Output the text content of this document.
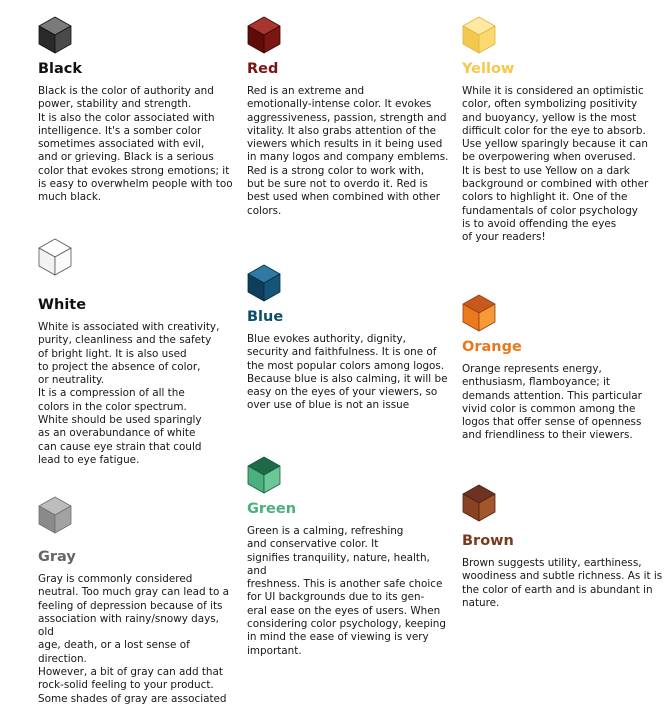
Black

Black is the color of authority and
power, stability and strength.
It is also the color associated with
intelligence. It's a somber color
sometimes associated with evil,
and or grieving. Black is a serious
color that evokes strong emotions; it
is easy to overwhelm people with too
much black.

Red

Red is an extreme and
emotionally-intense color. It evokes
aggressiveness, passion, strength and
vitality. It also grabs attention of the
viewers which results in it being used
in many logos and company emblems.
Red is a strong color to work with,
but be sure not to overdo it. Red is
best used when combined with other
colors.

Yellow

While it is considered an optimistic
color, often symbolizing positivity
and buoyancy, yellow is the most
difficult color for the eye to absorb.
Use yellow sparingly because it can
be overpowering when overused.
It is best to use Yellow on a dark
background or combined with other
colors to highlight it. One of the
fundamentals of color psychology
is to avoid offending the eyes
of your readers!

White

White is associated with creativity,
purity, cleanliness and the safety
of bright light. It is also used
to project the absence of color,
or neutrality.
It is a compression of all the
colors in the color spectrum.
White should be used sparingly
as an overabundance of white
can cause eye strain that could
lead to eye fatigue.

Blue

Blue evokes authority, dignity,
security and faithfulness. It is one of
the most popular colors among logos.
Because blue is also calming, it will be
easy on the eyes of your viewers, so
over use of blue is not an issue

Orange

Orange represents energy,
enthusiasm, flamboyance; it
demands attention. This particular
vivid color is common among the
logos that offer sense of openness
and friendliness to their viewers.

Gray

Gray is commonly considered
neutral. Too much gray can lead to a
feeling of depression because of its
association with rainy/snowy days, old
age, death, or a lost sense of direction.
However, a bit of gray can add that
rock-solid feeling to your product.
Some shades of gray are associated

Green

Green is a calming, refreshing
and conservative color. It
signifies tranquility, nature, health, and
freshness. This is another safe choice
for UI backgrounds due to its gen-
eral ease on the eyes of users. When
considering color psychology, keeping
in mind the ease of viewing is very
important.

Brown

Brown suggests utility, earthiness,
woodiness and subtle richness. As it is
the color of earth and is abundant in
nature.
